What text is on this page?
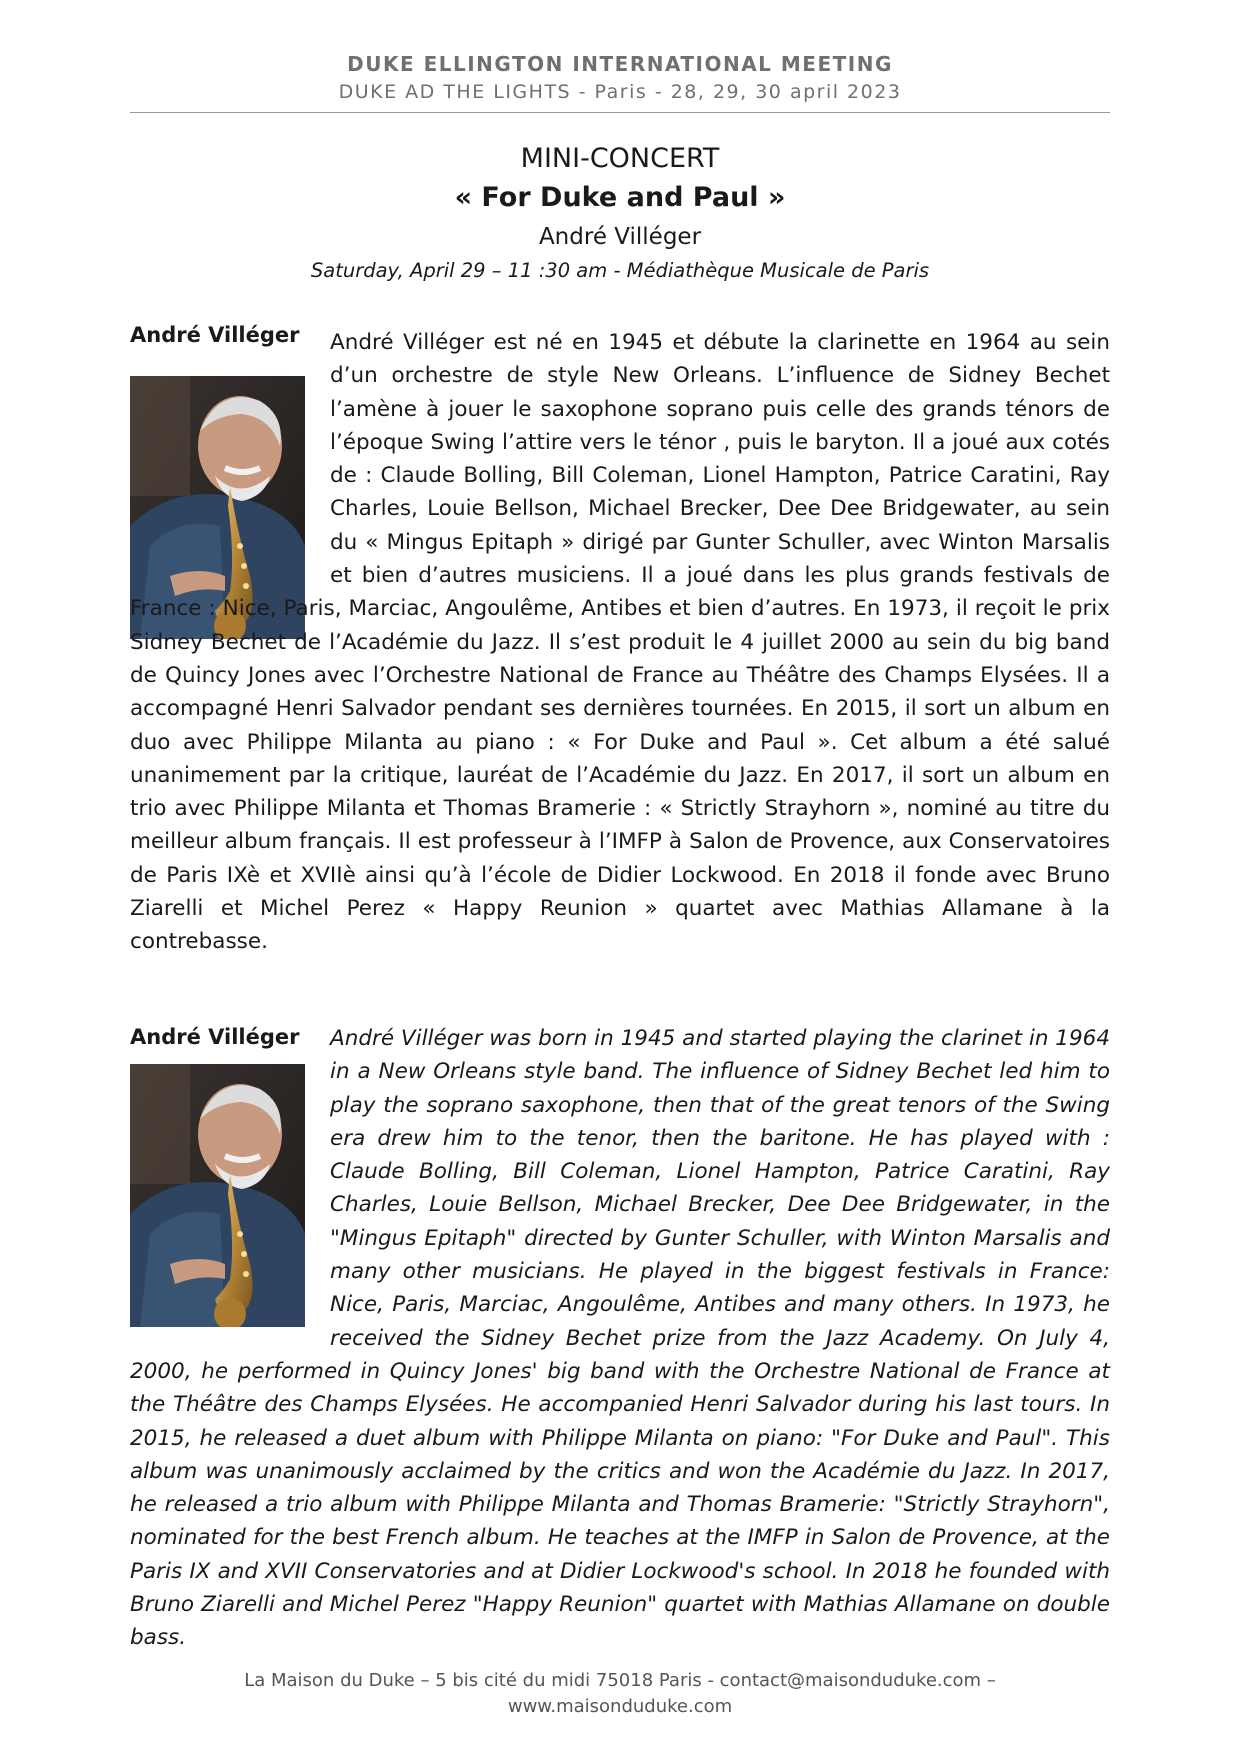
DUKE ELLINGTON INTERNATIONAL MEETING
DUKE AD THE LIGHTS - Paris - 28, 29, 30 april 2023
MINI-CONCERT
« For Duke and Paul »
André Villéger
Saturday, April 29 – 11 :30 am - Médiathèque Musicale de Paris
André Villéger	André Villéger est né en 1945 et débute la clarinette en 1964 au sein d’un orchestre de style New Orleans. L’influence de Sidney Bechet l’amène à jouer le saxophone soprano puis celle des grands ténors de l’époque Swing l’attire vers le ténor , puis le baryton. Il a joué aux cotés de : Claude Bolling, Bill Coleman, Lionel Hampton, Patrice Caratini, Ray Charles, Louie Bellson, Michael Brecker, Dee Dee Bridgewater, au sein du « Mingus Epitaph » dirigé par Gunter Schuller, avec Winton Marsalis et bien d’autres musiciens. Il a joué dans les plus grands festivals de France : Nice, Paris, Marciac, Angoulême, Antibes et bien d’autres. En 1973, il reçoit le prix Sidney Bechet de l’Académie du Jazz. Il s’est produit le 4 juillet 2000 au sein du big band de Quincy Jones avec l’Orchestre National de France au Théâtre des Champs Elysées. Il a accompagné Henri Salvador pendant ses dernières tournées. En 2015, il sort un album en duo avec Philippe Milanta au piano : « For Duke and Paul ». Cet album a été salué unanimement par la critique, lauréat de l’Académie du Jazz. En 2017, il sort un album en trio avec Philippe Milanta et Thomas Bramerie : « Strictly Strayhorn », nominé au titre du meilleur album français. Il est professeur à l’IMFP à Salon de Provence, aux Conservatoires de Paris IXè et XVIIè ainsi qu’à l’école de Didier Lockwood. En 2018 il fonde avec Bruno Ziarelli et Michel Perez « Happy Reunion » quartet avec Mathias Allamane à la contrebasse.

André Villéger	André Villéger was born in 1945 and started playing the clarinet in 1964 in a New Orleans style band. The influence of Sidney Bechet led him to play the soprano saxophone, then that of the great tenors of the Swing era drew him to the tenor, then the baritone. He has played with : Claude Bolling, Bill Coleman, Lionel Hampton, Patrice Caratini, Ray Charles, Louie Bellson, Michael Brecker, Dee Dee Bridgewater, in the "Mingus Epitaph" directed by Gunter Schuller, with Winton Marsalis and many other musicians. He played in the biggest festivals in France: Nice, Paris, Marciac, Angoulême, Antibes and many others. In 1973, he received the Sidney Bechet prize from the Jazz Academy. On July 4, 2000, he performed in Quincy Jones' big band with the Orchestre National de France at the Théâtre des Champs Elysées. He accompanied Henri Salvador during his last tours. In 2015, he released a duet album with Philippe Milanta on piano: "For Duke and Paul". This album was unanimously acclaimed by the critics and won the Académie du Jazz. In 2017, he released a trio album with Philippe Milanta and Thomas Bramerie: "Strictly Strayhorn", nominated for the best French album. He teaches at the IMFP in Salon de Provence, at the Paris IX and XVII Conservatories and at Didier Lockwood's school. In 2018 he founded with Bruno Ziarelli and Michel Perez "Happy Reunion" quartet with Mathias Allamane on double bass.

La Maison du Duke – 5 bis cité du midi 75018 Paris - contact@maisonduduke.com – www.maisonduduke.com
